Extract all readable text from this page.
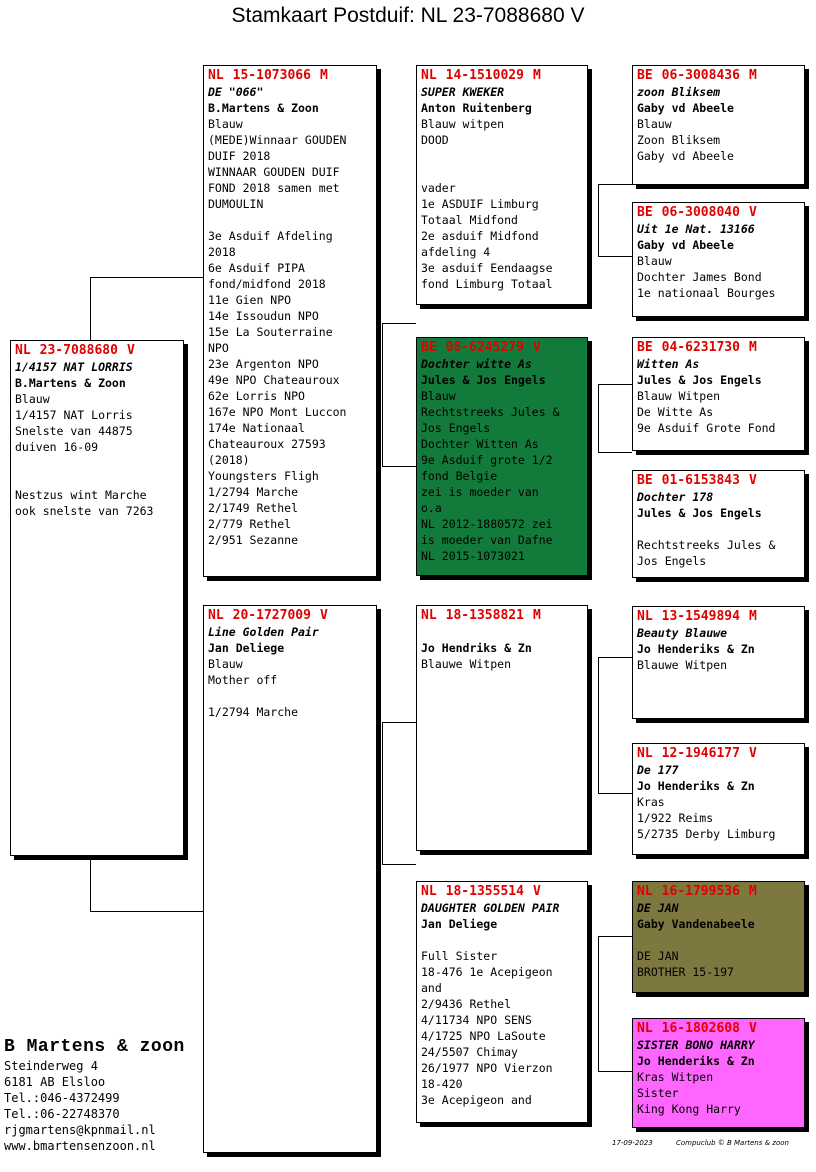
Stamkaart Postduif: NL 23-7088680 V
NL 23-7088680 V
1/4157 NAT LORRIS
B.Martens & Zoon
Blauw
1/4157 NAT Lorris
Snelste van 44875
duiven 16-09

Nestzus wint Marche
ook snelste van 7263
NL 15-1073066 M
DE "066"
B.Martens & Zoon
Blauw
(MEDE)Winnaar GOUDEN
DUIF 2018
WINNAAR GOUDEN DUIF
FOND 2018 samen met
DUMOULIN

3e Asduif Afdeling
2018
6e Asduif PIPA
fond/midfond 2018
11e Gien NPO
14e Issoudun NPO
15e La Souterraine
NPO
23e Argenton NPO
49e NPO Chateauroux
62e Lorris NPO
167e NPO Mont Luccon
174e Nationaal
Chateauroux 27593
(2018)
Youngsters Fligh
1/2794 Marche
2/1749 Rethel
2/779 Rethel
2/951 Sezanne
NL 20-1727009 V
Line Golden Pair
Jan Deliege
Blauw
Mother off

1/2794 Marche
NL 14-1510029 M
SUPER KWEKER
Anton Ruitenberg
Blauw witpen
DOOD

vader
1e ASDUIF Limburg
Totaal Midfond
2e asduif Midfond
afdeling 4
3e asduif Eendaagse
fond Limburg Totaal
BE 08-6245279 V
Dochter witte As
Jules & Jos Engels
Blauw
Rechtstreeks Jules &
Jos Engels
Dochter Witten As
9e Asduif grote 1/2
fond Belgie
zei is moeder van
o.a
NL 2012-1880572 zei
is moeder van Dafne
NL 2015-1073021
NL 18-1358821 M

Jo Hendriks & Zn
Blauwe Witpen
NL 18-1355514 V
DAUGHTER GOLDEN PAIR
Jan Deliege

Full Sister
18-476 1e Acepigeon
and
2/9436 Rethel
4/11734 NPO SENS
4/1725 NPO LaSoute
24/5507 Chimay
26/1977 NPO Vierzon
18-420
3e Acepigeon and
BE 06-3008436 M
zoon Bliksem
Gaby vd Abeele
Blauw
Zoon Bliksem
Gaby vd Abeele
BE 06-3008040 V
Uit 1e Nat. 13166
Gaby vd Abeele
Blauw
Dochter James Bond
1e nationaal Bourges
BE 04-6231730 M
Witten As
Jules & Jos Engels
Blauw Witpen
De Witte As
9e Asduif Grote Fond
BE 01-6153843 V
Dochter 178
Jules & Jos Engels

Rechtstreeks Jules &
Jos Engels
NL 13-1549894 M
Beauty Blauwe
Jo Henderiks & Zn
Blauwe Witpen
NL 12-1946177 V
De 177
Jo Henderiks & Zn
Kras
1/922 Reims
5/2735 Derby Limburg
NL 16-1799536 M
DE JAN
Gaby Vandenabeele

DE JAN
BROTHER 15-197
NL 16-1802608 V
SISTER BONO HARRY
Jo Henderiks & Zn
Kras Witpen
Sister
King Kong Harry
B Martens & zoon
Steinderweg 4
6181 AB Elsloo
Tel.:046-4372499
Tel.:06-22748370
rjgmartens@kpnmail.nl
www.bmartensenzoon.nl	17-09-2023	Compuclub © B Martens & zoon
